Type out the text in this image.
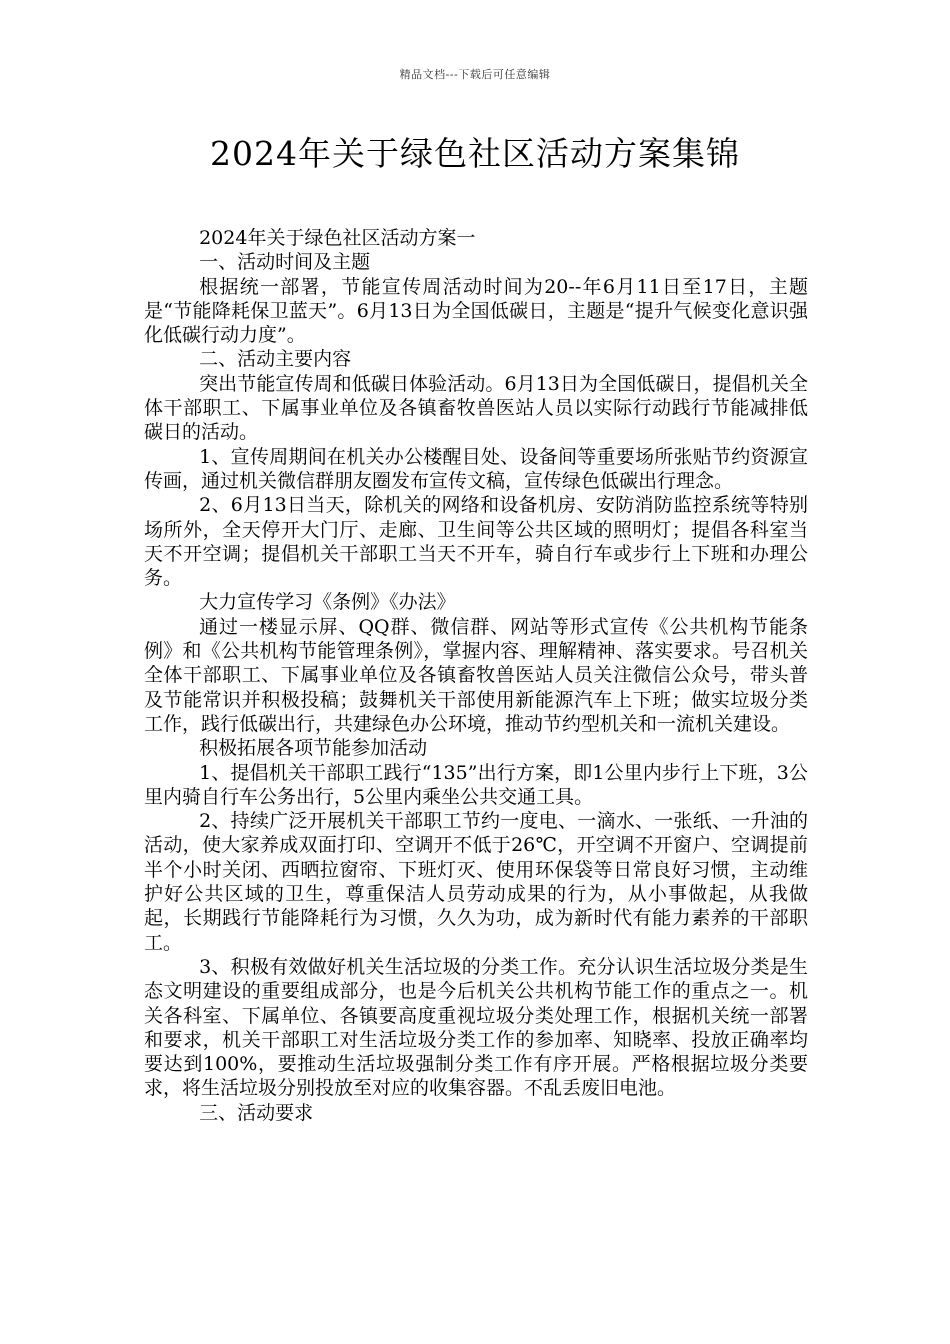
精品文档---下载后可任意编辑
2024年关于绿色社区活动方案集锦

2024年关于绿色社区活动方案一

一、活动时间及主题

根据统一部署，节能宣传周活动时间为20--年6月11日至17日，主题是“节能降耗保卫蓝天”。6月13日为全国低碳日，主题是“提升气候变化意识强化低碳行动力度”。

二、活动主要内容

突出节能宣传周和低碳日体验活动。6月13日为全国低碳日，提倡机关全体干部职工、下属事业单位及各镇畜牧兽医站人员以实际行动践行节能减排低碳日的活动。

1、宣传周期间在机关办公楼醒目处、设备间等重要场所张贴节约资源宣传画，通过机关微信群朋友圈发布宣传文稿，宣传绿色低碳出行理念。

2、6月13日当天，除机关的网络和设备机房、安防消防监控系统等特别场所外，全天停开大门厅、走廊、卫生间等公共区域的照明灯；提倡各科室当天不开空调；提倡机关干部职工当天不开车，骑自行车或步行上下班和办理公务。

大力宣传学习《条例》《办法》

通过一楼显示屏、QQ群、微信群、网站等形式宣传《公共机构节能条例》和《公共机构节能管理条例》，掌握内容、理解精神、落实要求。号召机关全体干部职工、下属事业单位及各镇畜牧兽医站人员关注微信公众号，带头普及节能常识并积极投稿；鼓舞机关干部使用新能源汽车上下班；做实垃圾分类工作，践行低碳出行，共建绿色办公环境，推动节约型机关和一流机关建设。

积极拓展各项节能参加活动

1、提倡机关干部职工践行“135”出行方案，即1公里内步行上下班，3公里内骑自行车公务出行，5公里内乘坐公共交通工具。

2、持续广泛开展机关干部职工节约一度电、一滴水、一张纸、一升油的活动，使大家养成双面打印、空调开不低于26℃，开空调不开窗户、空调提前半个小时关闭、西晒拉窗帘、下班灯灭、使用环保袋等日常良好习惯，主动维护好公共区域的卫生，尊重保洁人员劳动成果的行为，从小事做起，从我做起，长期践行节能降耗行为习惯，久久为功，成为新时代有能力素养的干部职工。

3、积极有效做好机关生活垃圾的分类工作。充分认识生活垃圾分类是生态文明建设的重要组成部分，也是今后机关公共机构节能工作的重点之一。机关各科室、下属单位、各镇要高度重视垃圾分类处理工作，根据机关统一部署和要求，机关干部职工对生活垃圾分类工作的参加率、知晓率、投放正确率均要达到100%，要推动生活垃圾强制分类工作有序开展。严格根据垃圾分类要求，将生活垃圾分别投放至对应的收集容器。不乱丢废旧电池。

三、活动要求
